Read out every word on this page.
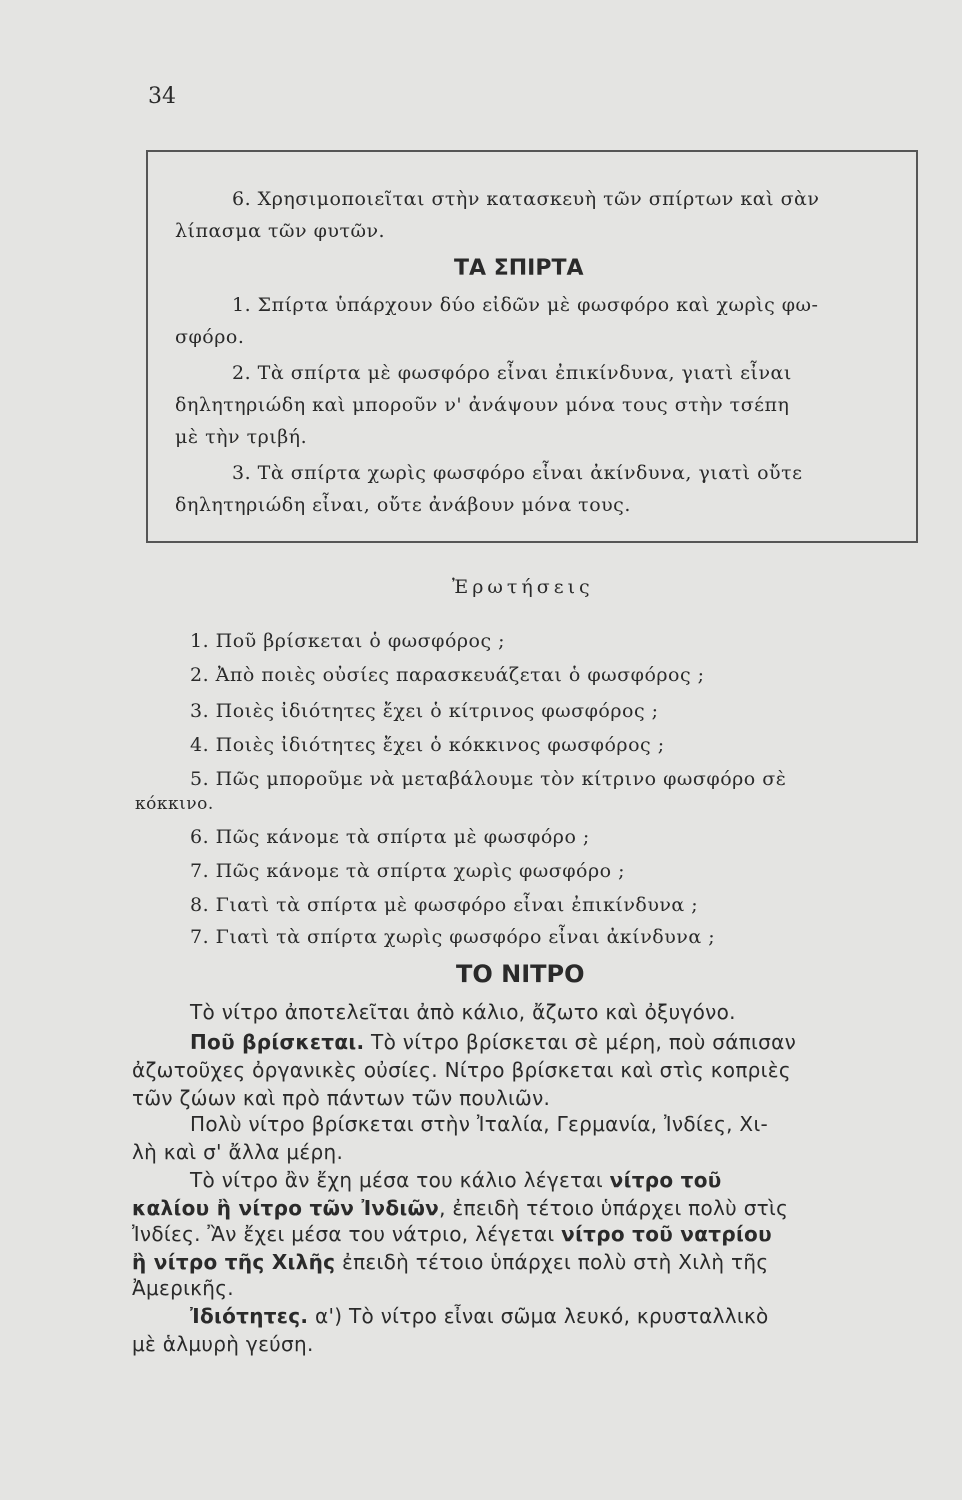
34
6. Χρησιμοποιεῖται στὴν κατασκευὴ τῶν σπίρτων καὶ σὰν
λίπασμα τῶν φυτῶν.
ΤΑ ΣΠΙΡΤΑ
1. Σπίρτα ὑπάρχουν δύο εἰδῶν μὲ φωσφόρο καὶ χωρὶς φω-
σφόρο.
2. Τὰ σπίρτα μὲ φωσφόρο εἶναι ἐπικίνδυνα, γιατὶ εἶναι
δηλητηριώδη καὶ μποροῦν ν' ἀνάψουν μόνα τους στὴν τσέπη
μὲ τὴν τριβή.
3. Τὰ σπίρτα χωρὶς φωσφόρο εἶναι ἀκίνδυνα, γιατὶ οὔτε
δηλητηριώδη εἶναι, οὔτε ἀνάβουν μόνα τους.
Ἐρωτήσεις
1. Ποῦ βρίσκεται ὁ φωσφόρος ;
2. Ἀπὸ ποιὲς οὐσίες παρασκευάζεται ὁ φωσφόρος ;
3. Ποιὲς ἰδιότητες ἔχει ὁ κίτρινος φωσφόρος ;
4. Ποιὲς ἰδιότητες ἔχει ὁ κόκκινος φωσφόρος ;
5. Πῶς μποροῦμε νὰ μεταβάλουμε τὸν κίτρινο φωσφόρο σὲ
κόκκινο.
6. Πῶς κάνομε τὰ σπίρτα μὲ φωσφόρο ;
7. Πῶς κάνομε τὰ σπίρτα χωρὶς φωσφόρο ;
8. Γιατὶ τὰ σπίρτα μὲ φωσφόρο εἶναι ἐπικίνδυνα ;
7. Γιατὶ τὰ σπίρτα χωρὶς φωσφόρο εἶναι ἀκίνδυνα ;
ΤΟ ΝΙΤΡΟ
Τὸ νίτρο ἀποτελεῖται ἀπὸ κάλιο, ἄζωτο καὶ ὀξυγόνο.
Ποῦ βρίσκεται. Τὸ νίτρο βρίσκεται σὲ μέρη, ποὺ σάπισαν
ἀζωτοῦχες ὀργανικὲς οὐσίες. Νίτρο βρίσκεται καὶ στὶς κοπριὲς
τῶν ζώων καὶ πρὸ πάντων τῶν πουλιῶν.
Πολὺ νίτρο βρίσκεται στὴν Ἰταλία, Γερμανία, Ἰνδίες, Χι-
λὴ καὶ σ' ἄλλα μέρη.
Τὸ νίτρο ἂν ἔχη μέσα του κάλιο λέγεται νίτρο τοῦ
καλίου ἢ νίτρο τῶν Ἰνδιῶν, ἐπειδὴ τέτοιο ὑπάρχει πολὺ στὶς
Ἰνδίες. Ἂν ἔχει μέσα του νάτριο, λέγεται νίτρο τοῦ νατρίου
ἢ νίτρο τῆς Χιλῆς ἐπειδὴ τέτοιο ὑπάρχει πολὺ στὴ Χιλὴ τῆς
Ἀμερικῆς.
Ἰδιότητες. α') Τὸ νίτρο εἶναι σῶμα λευκό, κρυσταλλικὸ
μὲ ἁλμυρὴ γεύση.
